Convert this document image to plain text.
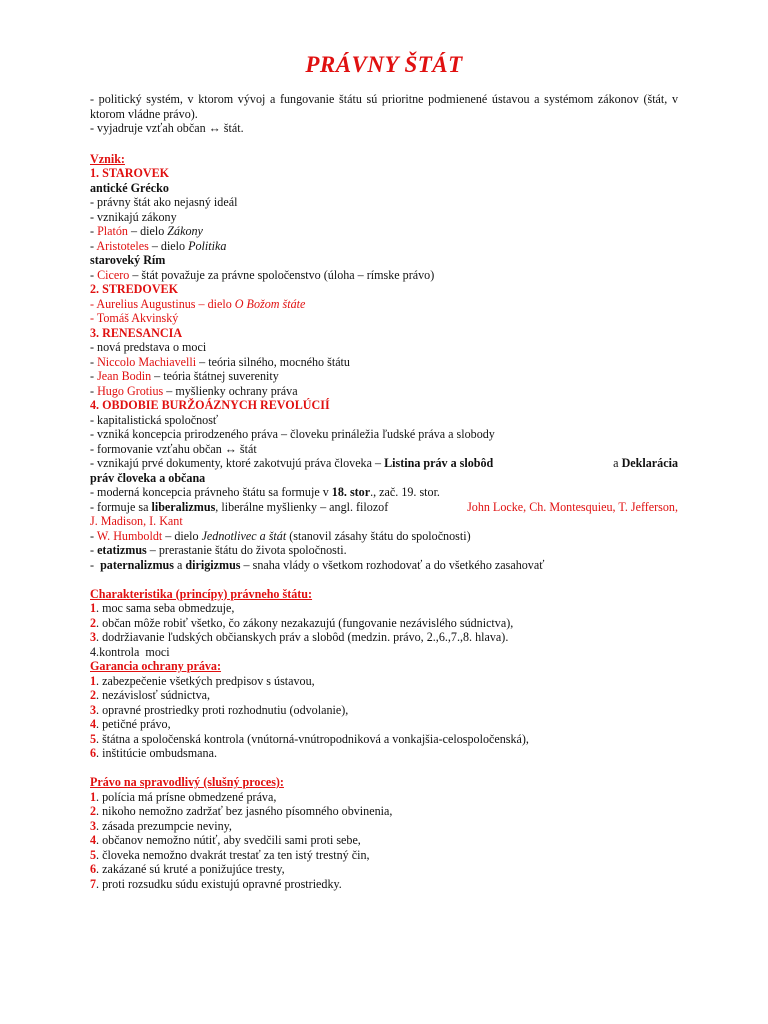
PRÁVNY ŠTÁT
- politický systém, v ktorom vývoj a fungovanie štátu sú prioritne podmienené ústavou a systémom zákonov (štát, v ktorom vládne právo).
- vyjadruje vzťah občan ↔ štát.
Vznik:
1. STAROVEK
antické Grécko
- právny štát ako nejasný ideál
- vznikajú zákony
- Platón – dielo Zákony
- Aristoteles – dielo Politika
staroveký Rím
- Cicero – štát považuje za právne spoločenstvo (úloha – rímske právo)
2. STREDOVEK
- Aurelius Augustinus – dielo O Božom štáte
- Tomáš Akvinský
3. RENESANCIA
- nová predstava o moci
- Niccolo Machiavelli – teória silného, mocného štátu
- Jean Bodin – teória štátnej suverenity
- Hugo Grotius – myšlienky ochrany práva
4. OBDOBIE BURŽOÁZNYCH REVOLÚCIÍ
- kapitalistická spoločnosť
- vzniká koncepcia prirodzeného práva – človeku prináležia ľudské práva a slobody
- formovanie vzťahu občan ↔ štát
- vznikajú prvé dokumenty, ktoré zakotvujú práva človeka – Listina práv a slobôd	a Deklarácia
práv človeka a občana
- moderná koncepcia právneho štátu sa formuje v 18. stor., zač. 19. stor.
- formuje sa liberalizmus, liberálne myšlienky – angl. filozof	John Locke, Ch. Montesquieu, T. Jefferson,
J. Madison, I. Kant
- W. Humboldt – dielo Jednotlivec a štát (stanovil zásahy štátu do spoločnosti)
- etatizmus – prerastanie štátu do života spoločnosti.
-  paternalizmus a dirigizmus – snaha vlády o všetkom rozhodovať a do všetkého zasahovať
Charakteristika (princípy) právneho štátu:
1. moc sama seba obmedzuje,
2. občan môže robiť všetko, čo zákony nezakazujú (fungovanie nezávislého súdnictva),
3. dodržiavanie ľudských občianskych práv a slobôd (medzin. právo, 2.,6.,7.,8. hlava).
4.kontrola  moci
Garancia ochrany práva:
1. zabezpečenie všetkých predpisov s ústavou,
2. nezávislosť súdnictva,
3. opravné prostriedky proti rozhodnutiu (odvolanie),
4. petičné právo,
5. štátna a spoločenská kontrola (vnútorná-vnútropodniková a vonkajšia-celospoločenská),
6. inštitúcie ombudsmana.
Právo na spravodlivý (slušný proces):
1. polícia má prísne obmedzené práva,
2. nikoho nemožno zadržať bez jasného písomného obvinenia,
3. zásada prezumpcie neviny,
4. občanov nemožno nútiť, aby svedčili sami proti sebe,
5. človeka nemožno dvakrát trestať za ten istý trestný čin,
6. zakázané sú kruté a ponižujúce tresty,
7. proti rozsudku súdu existujú opravné prostriedky.
